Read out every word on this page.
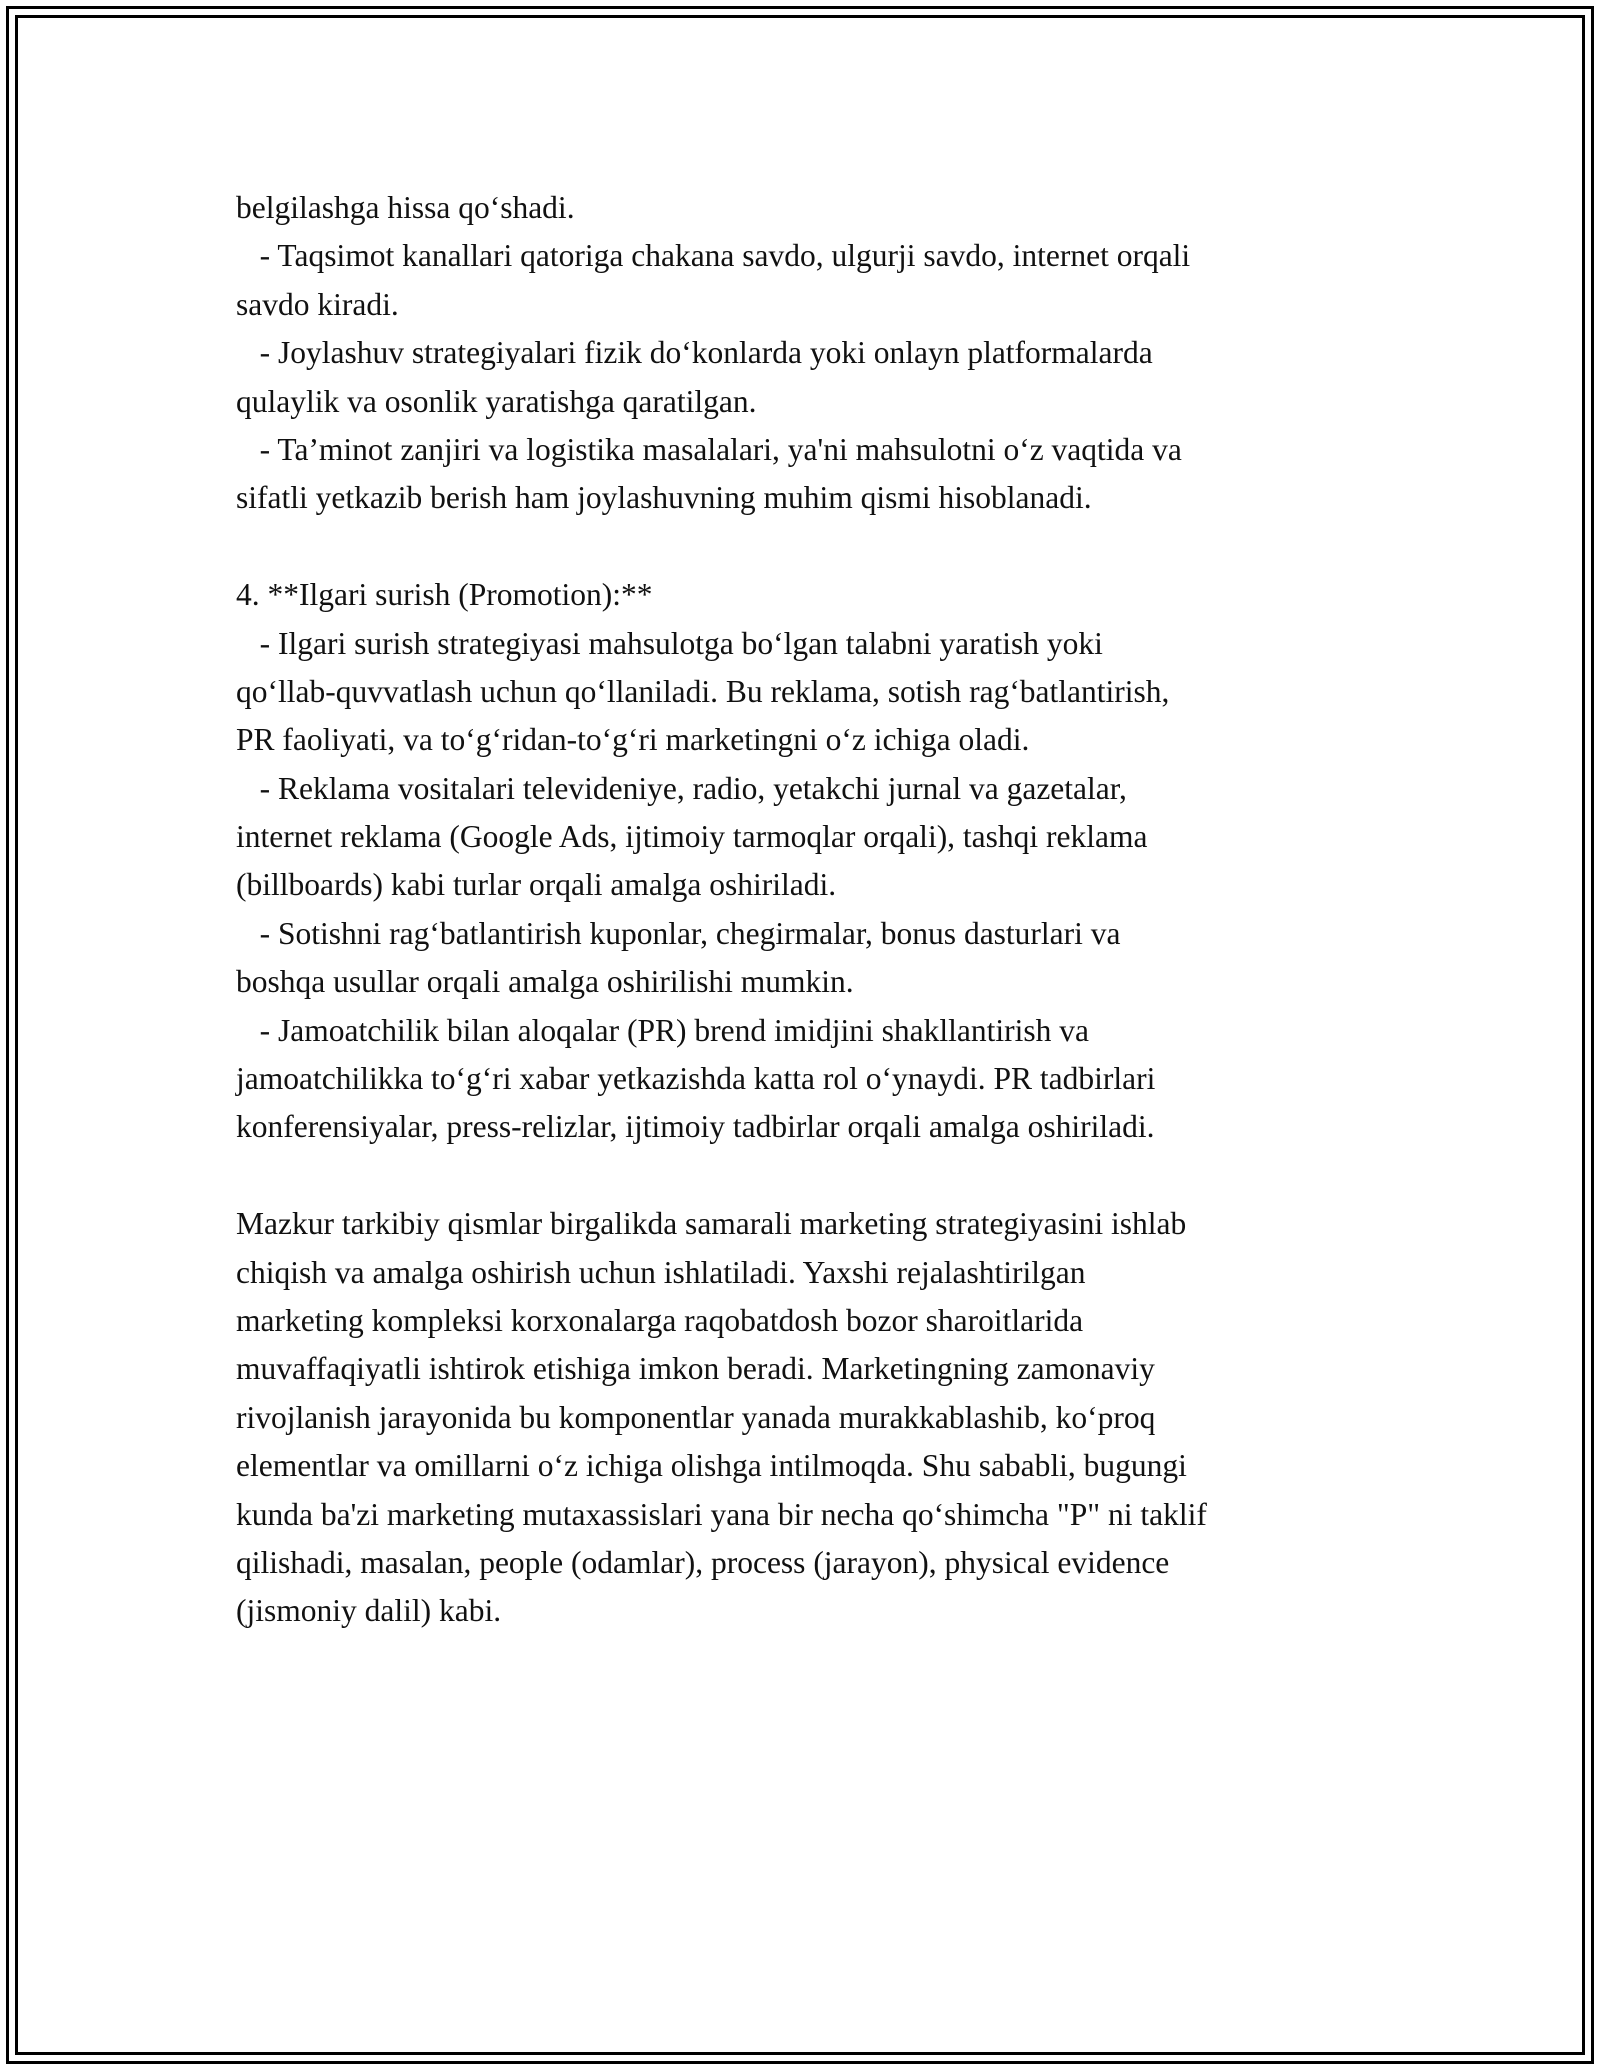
belgilashga hissa qo‘shadi.
- Taqsimot kanallari qatoriga chakana savdo, ulgurji savdo, internet orqali
savdo kiradi.
- Joylashuv strategiyalari fizik do‘konlarda yoki onlayn platformalarda
qulaylik va osonlik yaratishga qaratilgan.
- Ta’minot zanjiri va logistika masalalari, ya'ni mahsulotni o‘z vaqtida va
sifatli yetkazib berish ham joylashuvning muhim qismi hisoblanadi.
4. **Ilgari surish (Promotion):**
- Ilgari surish strategiyasi mahsulotga bo‘lgan talabni yaratish yoki
qo‘llab-quvvatlash uchun qo‘llaniladi. Bu reklama, sotish rag‘batlantirish,
PR faoliyati, va to‘g‘ridan-to‘g‘ri marketingni o‘z ichiga oladi.
- Reklama vositalari televideniye, radio, yetakchi jurnal va gazetalar,
internet reklama (Google Ads, ijtimoiy tarmoqlar orqali), tashqi reklama
(billboards) kabi turlar orqali amalga oshiriladi.
- Sotishni rag‘batlantirish kuponlar, chegirmalar, bonus dasturlari va
boshqa usullar orqali amalga oshirilishi mumkin.
- Jamoatchilik bilan aloqalar (PR) brend imidjini shakllantirish va
jamoatchilikka to‘g‘ri xabar yetkazishda katta rol o‘ynaydi. PR tadbirlari
konferensiyalar, press-relizlar, ijtimoiy tadbirlar orqali amalga oshiriladi.
Mazkur tarkibiy qismlar birgalikda samarali marketing strategiyasini ishlab
chiqish va amalga oshirish uchun ishlatiladi. Yaxshi rejalashtirilgan
marketing kompleksi korxonalarga raqobatdosh bozor sharoitlarida
muvaffaqiyatli ishtirok etishiga imkon beradi. Marketingning zamonaviy
rivojlanish jarayonida bu komponentlar yanada murakkablashib, ko‘proq
elementlar va omillarni o‘z ichiga olishga intilmoqda. Shu sababli, bugungi
kunda ba'zi marketing mutaxassislari yana bir necha qo‘shimcha "P" ni taklif
qilishadi, masalan, people (odamlar), process (jarayon), physical evidence
(jismoniy dalil) kabi.
